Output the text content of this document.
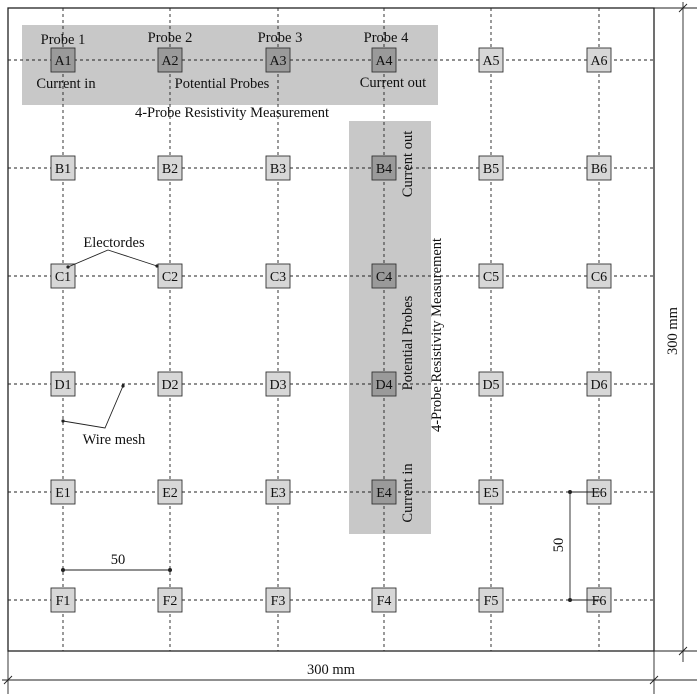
A1	A2	A3	A4	A5	A6
B1	B2	B3	B4	B5	B6
C1	C2	C3	C4	C5	C6
D1	D2	D3	D4	D5	D6
E1	E2	E3	E4	E5	E6
F1	F2	F3	F4	F5	F6
Probe 1	Probe 2	Probe 3	Probe 4
Current in	Potential Probes	Current out
4-Probe Resistivity Measurement
Current out
Potential Probes
Current in
4-Probe Resistivity Measurement
Electordes
Wire mesh
50
50
300 mm
300 mm
